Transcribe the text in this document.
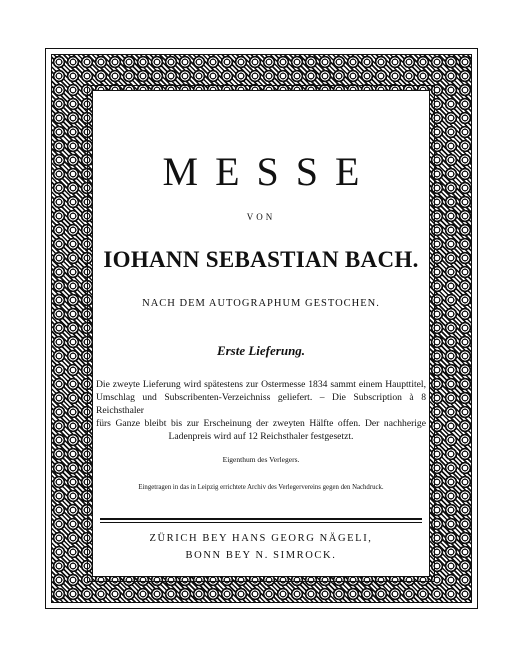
MESSE

VON

IOHANN SEBASTIAN BACH.

NACH DEM AUTOGRAPHUM GESTOCHEN.

Erste Lieferung.

Die zweyte Lieferung wird spätestens zur Ostermesse 1834 sammt einem Haupttitel,
Umschlag und Subscribenten-Verzeichniss geliefert. – Die Subscription à 8 Reichsthaler
fürs Ganze bleibt bis zur Erscheinung der zweyten Hälfte offen. Der nachherige
Ladenpreis wird auf 12 Reichsthaler festgesetzt.

Eigenthum des Verlegers.

Eingetragen in das in Leipzig errichtete Archiv des Verlegervereins gegen den Nachdruck.

ZÜRICH BEY HANS GEORG NÄGELI,

BONN BEY N. SIMROCK.
